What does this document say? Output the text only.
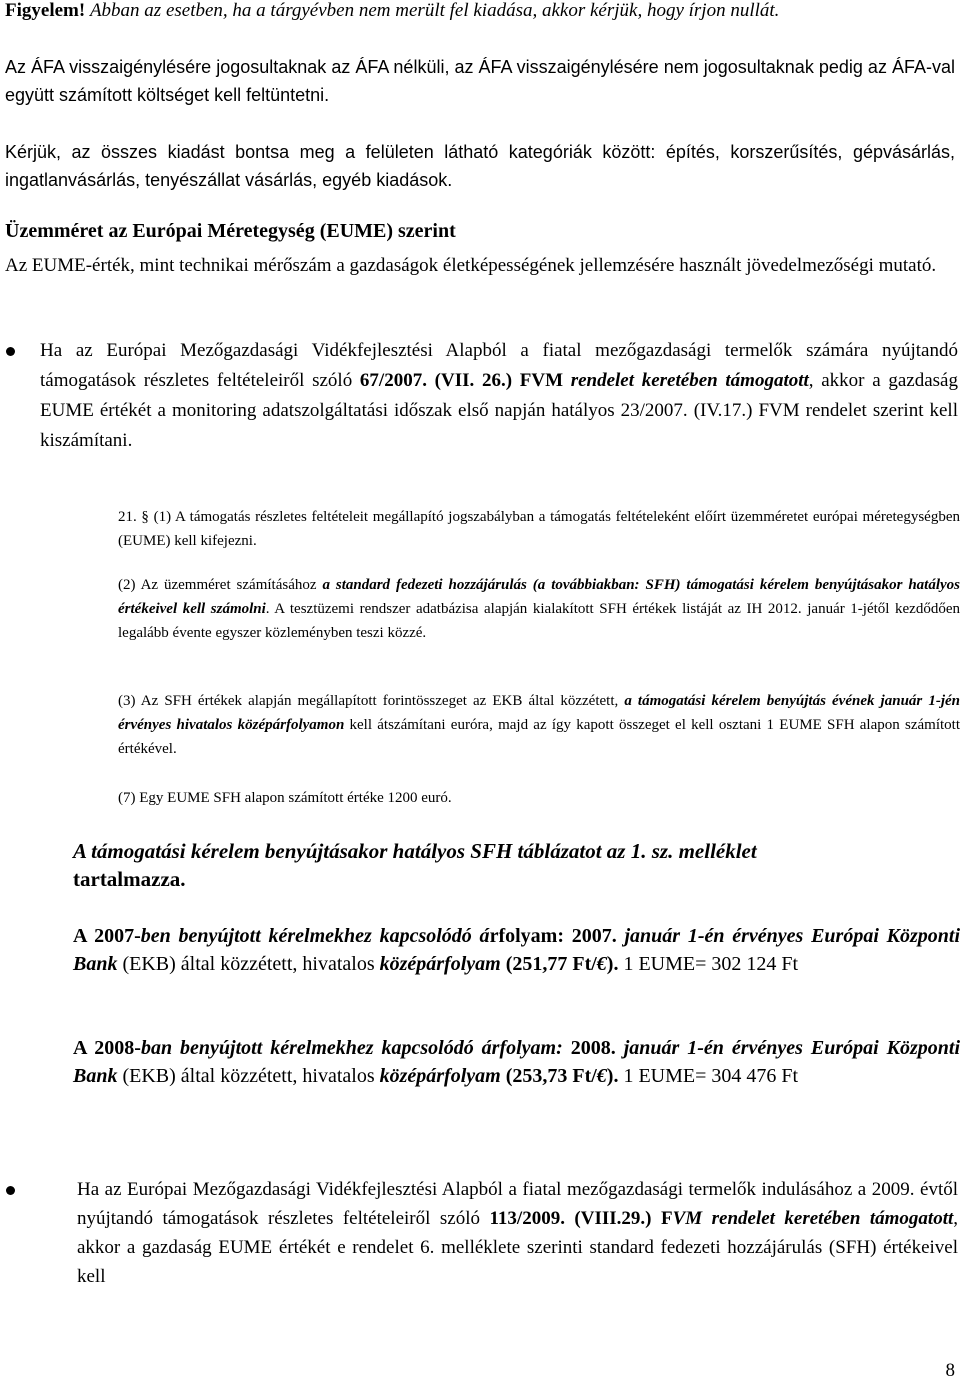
Figyelem! Abban az esetben, ha a tárgyévben nem merült fel kiadása, akkor kérjük, hogy írjon nullát.

Az ÁFA visszaigénylésére jogosultaknak az ÁFA nélküli, az ÁFA visszaigénylésére nem jogosultaknak pedig az ÁFA-val együtt számított költséget kell feltüntetni.

Kérjük, az összes kiadást bontsa meg a felületen látható kategóriák között: építés, korszerűsítés, gépvásárlás, ingatlanvásárlás, tenyészállat vásárlás, egyéb kiadások.

Üzemméret az Európai Méretegység (EUME) szerint

Az EUME-érték, mint technikai mérőszám a gazdaságok életképességének jellemzésére használt jövedelmezőségi mutató.

Ha az Európai Mezőgazdasági Vidékfejlesztési Alapból a fiatal mezőgazdasági termelők számára nyújtandó támogatások részletes feltételeiről szóló 67/2007. (VII. 26.) FVM rendelet keretében támogatott, akkor a gazdaság EUME értékét a monitoring adatszolgáltatási időszak első napján hatályos 23/2007. (IV.17.) FVM rendelet szerint kell kiszámítani.

21. § (1) A támogatás részletes feltételeit megállapító jogszabályban a támogatás feltételeként előírt üzemméretet európai méretegységben (EUME) kell kifejezni.

(2) Az üzemméret számításához a standard fedezeti hozzájárulás (a továbbiakban: SFH) támogatási kérelem benyújtásakor hatályos értékeivel kell számolni. A tesztüzemi rendszer adatbázisa alapján kialakított SFH értékek listáját az IH 2012. január 1-jétől kezdődően legalább évente egyszer közleményben teszi közzé.

(3) Az SFH értékek alapján megállapított forintösszeget az EKB által közzétett, a támogatási kérelem benyújtás évének január 1-jén érvényes hivatalos középárfolyamon kell átszámítani euróra, majd az így kapott összeget el kell osztani 1 EUME SFH alapon számított értékével.

(7) Egy EUME SFH alapon számított értéke 1200 euró.

A támogatási kérelem benyújtásakor hatályos SFH táblázatot az 1. sz. melléklet
tartalmazza.

A 2007-ben benyújtott kérelmekhez kapcsolódó árfolyam: 2007. január 1-én érvényes Európai Központi Bank (EKB) által közzétett, hivatalos középárfolyam (251,77 Ft/€). 1 EUME= 302 124 Ft

A 2008-ban benyújtott kérelmekhez kapcsolódó árfolyam: 2008. január 1-én érvényes Európai Központi Bank (EKB) által közzétett, hivatalos középárfolyam (253,73 Ft/€). 1 EUME= 304 476 Ft

Ha az Európai Mezőgazdasági Vidékfejlesztési Alapból a fiatal mezőgazdasági termelők indulásához a 2009. évtől nyújtandó támogatások részletes feltételeiről szóló 113/2009. (VIII.29.) FVM rendelet keretében támogatott, akkor a gazdaság EUME értékét e rendelet 6. melléklete szerinti standard fedezeti hozzájárulás (SFH) értékeivel kell

8
